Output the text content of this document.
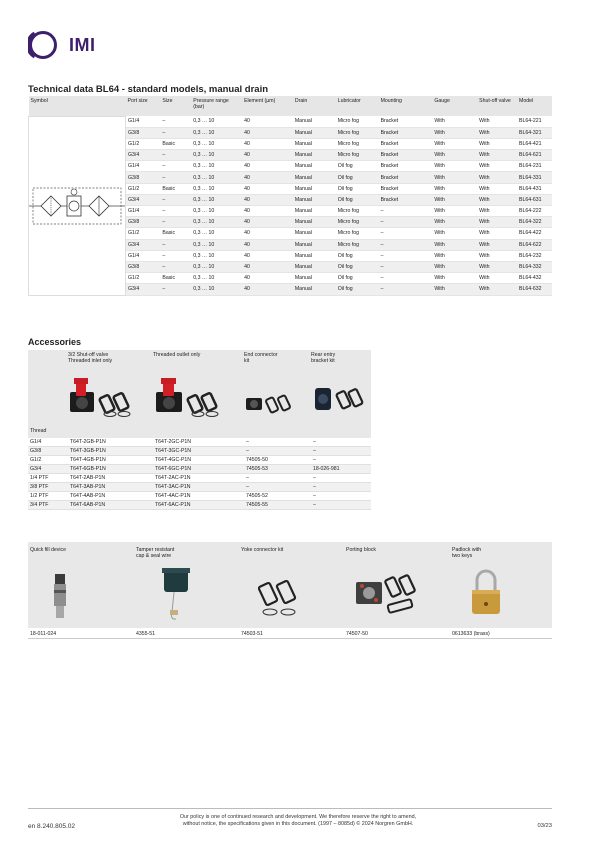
IMI
Technical data BL64 - standard models, manual drain
Symbol	Port size	Size	Pressure range (bar)	Element (µm)	Drain	Lubricator	Mounting	Gauge	Shut-off valve	Model

	G1/4	–	0,3 … 10	40	Manual	Micro fog	Bracket	With	With	BL64-221
	G3/8	–	0,3 … 10	40	Manual	Micro fog	Bracket	With	With	BL64-321
	G1/2	Basic	0,3 … 10	40	Manual	Micro fog	Bracket	With	With	BL64-421
	G3/4	–	0,3 … 10	40	Manual	Micro fog	Bracket	With	With	BL64-621
	G1/4	–	0,3 … 10	40	Manual	Oil fog	Bracket	With	With	BL64-231
	G3/8	–	0,3 … 10	40	Manual	Oil fog	Bracket	With	With	BL64-331
	G1/2	Basic	0,3 … 10	40	Manual	Oil fog	Bracket	With	With	BL64-431
	G3/4	–	0,3 … 10	40	Manual	Oil fog	Bracket	With	With	BL64-631
	G1/4	–	0,3 … 10	40	Manual	Micro fog	–	With	With	BL64-222
	G3/8	–	0,3 … 10	40	Manual	Micro fog	–	With	With	BL64-322
	G1/2	Basic	0,3 … 10	40	Manual	Micro fog	–	With	With	BL64-422
	G3/4	–	0,3 … 10	40	Manual	Micro fog	–	With	With	BL64-622
	G1/4	–	0,3 … 10	40	Manual	Oil fog	–	With	With	BL64-232
	G3/8	–	0,3 … 10	40	Manual	Oil fog	–	With	With	BL64-332
	G1/2	Basic	0,3 … 10	40	Manual	Oil fog	–	With	With	BL64-432
	G3/4	–	0,3 … 10	40	Manual	Oil fog	–	With	With	BL64-632
Accessories
3/2 Shut-off valve
Threaded inlet only
Threaded outlet only	End connector
kit
Rear entry
bracket kit
Thread
G1/4	T64T-2GB-P1N	T64T-2GC-P1N	–	–
G3/8	T64T-3GB-P1N	T64T-3GC-P1N	–	–
G1/2	T64T-4GB-P1N	T64T-4GC-P1N	74505-50	–
G3/4	T64T-6GB-P1N	T64T-6GC-P1N	74505-53	18-026-981
1/4 PTF	T64T-2AB-P1N	T64T-2AC-P1N	–	–
3/8 PTF	T64T-3AB-P1N	T64T-3AC-P1N	–	–
1/2 PTF	T64T-4AB-P1N	T64T-4AC-P1N	74505-52	–
3/4 PTF	T64T-6AB-P1N	T64T-6AC-P1N	74505-55	–
Quick fill device	Tamper resistant
cap & seal wire
Yoke connector kit	Porting block	Padlock with
two keys
18-011-024	4355-51	74503-51	74507-50	0613633 (brass)
en 8.240.805.02
Our policy is one of continued research and development. We therefore reserve the right to amend,
without notice, the specifications given in this document. (1997 – 8085d) © 2024 Norgren GmbH.	03/23
